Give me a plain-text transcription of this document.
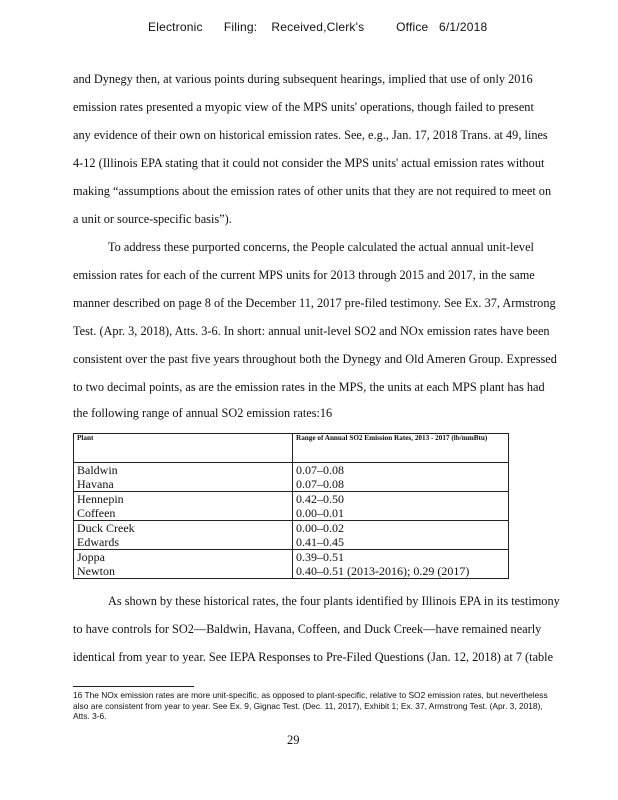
Electronic      Filing:    Received,Clerk's         Office   6/1/2018
and Dynegy then, at various points during subsequent hearings, implied that use of only 2016
emission rates presented a myopic view of the MPS units' operations, though failed to present
any evidence of their own on historical emission rates. See, e.g., Jan. 17, 2018 Trans. at 49, lines
4-12 (Illinois EPA stating that it could not consider the MPS units' actual emission rates without
making “assumptions about the emission rates of other units that they are not required to meet on
a unit or source-specific basis”).
To address these purported concerns, the People calculated the actual annual unit-level
emission rates for each of the current MPS units for 2013 through 2015 and 2017, in the same
manner described on page 8 of the December 11, 2017 pre-filed testimony. See Ex. 37, Armstrong
Test. (Apr. 3, 2018), Atts. 3-6. In short: annual unit-level SO2 and NOx emission rates have been
consistent over the past five years throughout both the Dynegy and Old Ameren Group. Expressed
to two decimal points, as are the emission rates in the MPS, the units at each MPS plant has had
the following range of annual SO2 emission rates:16
Plant	Range of Annual SO2 Emission Rates, 2013 - 2017 (lb/mmBtu)
Baldwin	0.07–0.08
Havana	0.07–0.08
Hennepin	0.42–0.50
Coffeen	0.00–0.01
Duck Creek	0.00–0.02
Edwards	0.41–0.45
Joppa	0.39–0.51
Newton	0.40–0.51 (2013-2016); 0.29 (2017)
As shown by these historical rates, the four plants identified by Illinois EPA in its testimony
to have controls for SO2—Baldwin, Havana, Coffeen, and Duck Creek—have remained nearly
identical from year to year. See IEPA Responses to Pre-Filed Questions (Jan. 12, 2018) at 7 (table
16 The NOx emission rates are more unit-specific, as opposed to plant-specific, relative to SO2 emission rates, but nevertheless also are consistent from year to year. See Ex. 9, Gignac Test. (Dec. 11, 2017), Exhibit 1; Ex. 37, Armstrong Test. (Apr. 3, 2018), Atts. 3-6.
29
